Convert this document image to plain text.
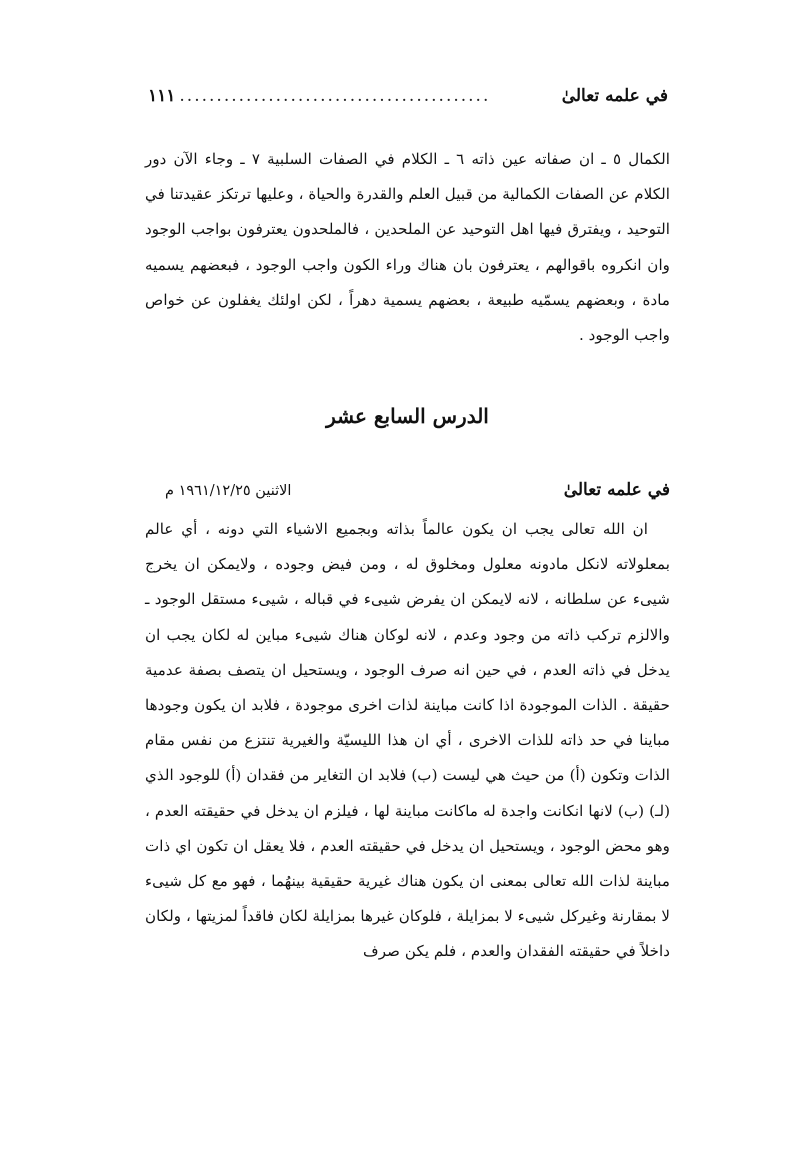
في علمه تعالىٰ
..........................................
١١١

الكمال ٥ ـ ان صفاته عين ذاته ٦ ـ الكلام في الصفات السلبية ٧ ـ وجاء الآن دور الكلام عن الصفات الكمالية من قبيل العلم والقدرة والحياة ، وعليها ترتكز عقيدتنا في التوحيد ، ويفترق فيها اهل التوحيد عن الملحدين ، فالملحدون يعترفون بواجب الوجود وان انكروه باقوالهم ، يعترفون بان هناك وراء الكون واجب الوجود ، فبعضهم يسميه مادة ، وبعضهم يسمّيه طبيعة ، بعضهم يسمية دهراً ، لكن اولئك يغفلون عن خواص واجب الوجود .

الدرس السابع عشر
في علمه تعالىٰ
الاثنين ١٩٦١/١٢/٢٥ م

ان الله تعالى يجب ان يكون عالماً بذاته وبجميع الاشياء التي دونه ، أي عالم بمعلولاته لانكل مادونه معلول ومخلوق له ، ومن فيض وجوده ، ولايمكن ان يخرج شيىء عن سلطانه ، لانه لايمكن ان يفرض شيىء في قباله ، شيىء مستقل الوجود ـ والالزم تركب ذاته من وجود وعدم ، لانه لوكان هناك شيىء مباين له لكان يجب ان يدخل في ذاته العدم ، في حين انه صرف الوجود ، ويستحيل ان يتصف بصفة عدمية حقيقة . الذات الموجودة اذا كانت مباينة لذات اخرى موجودة ، فلابد ان يكون وجودها مباينا في حد ذاته للذات الاخرى ، أي ان هذا الليسيّة والغيرية تنتزع من نفس مقام الذات وتكون (أ) من حيث هي ليست (ب) فلابد ان التغاير من فقدان (أ) للوجود الذي (لـ) (ب) لانها انكانت واجدة له ماكانت مباينة لها ، فيلزم ان يدخل في حقيقته العدم ، وهو محض الوجود ، ويستحيل ان يدخل في حقيقته العدم ، فلا يعقل ان تكون اي ذات مباينة لذات الله تعالى بمعنى ان يكون هناك غيرية حقيقية بينهُما ، فهو مع كل شيىء لا بمقارنة وغيركل شيىء لا بمزايلة ، فلوكان غيرها بمزايلة لكان فاقداً لمزيتها ، ولكان داخلاً في حقيقته الفقدان والعدم ، فلم يكن صرف
